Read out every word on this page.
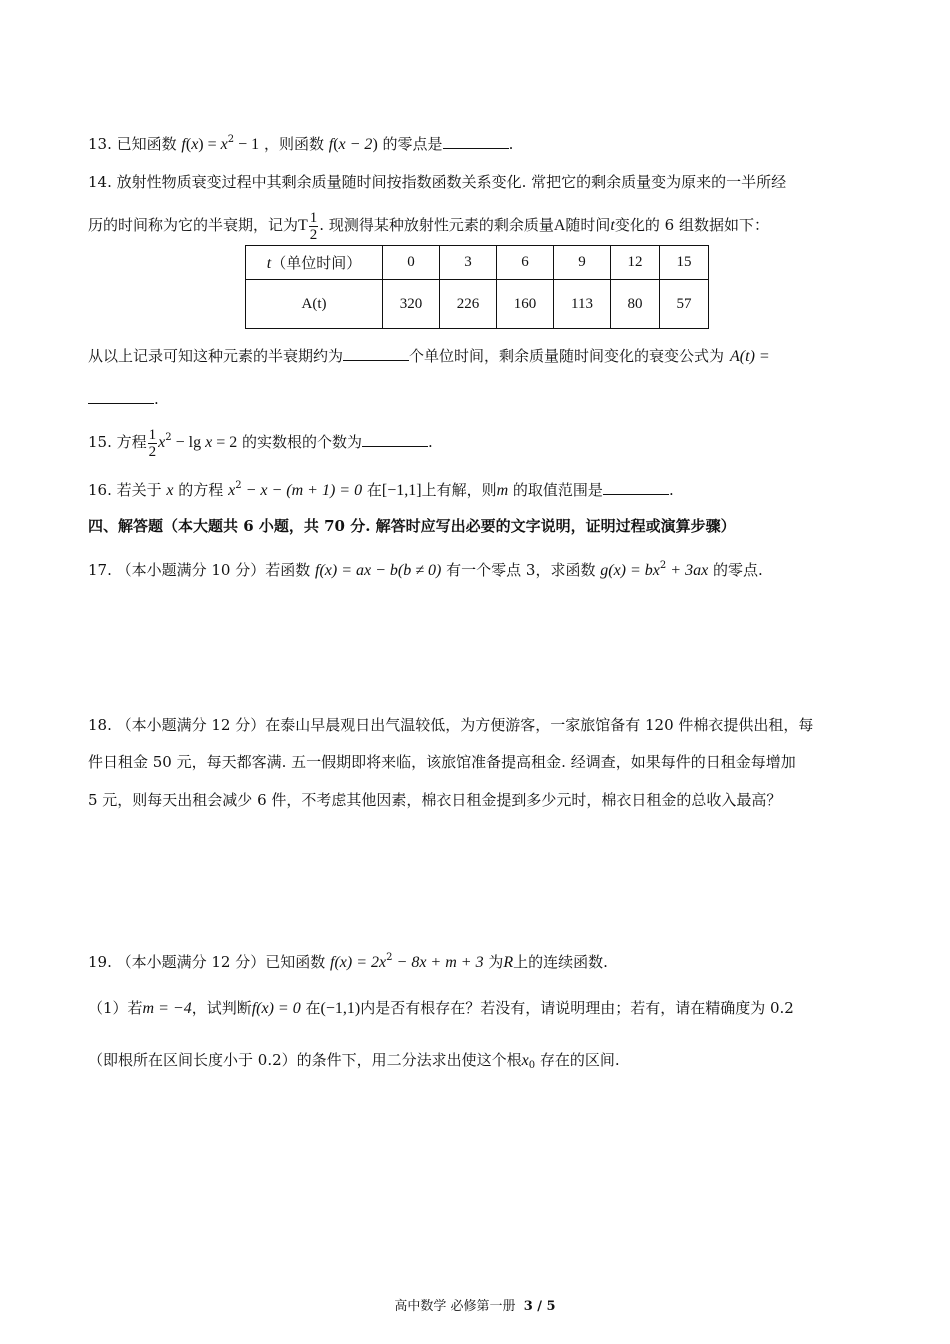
13. 已知函数 $f(x) = x^2 - 1$ ，则函数 f(x − 2) 的零点是	.
14. 放射性物质衰变过程中其剩余质量随时间按指数函数关系变化. 常把它的剩余质量变为原来的一半所经
历的时间称为它的半衰期，记为T $\frac{1}{2}$ . 现测得某种放射性元素的剩余质量A随时间t变化的 6 组数据如下：
t（单位时间）	0	3	6	9	12	15
A(t)	320	226	160	113	80	57
从以上记录可知这种元素的半衰期约为	个单位时间，剩余质量随时间变化的衰变公式为 A(t) =
.
15. 方程 $\frac{1}{2} x^2 - \lg x = 2$ 的实数根的个数为	.
16. 若关于 x 的方程 $x^2 - x - (m + 1) = 0$ 在[−1,1]上有解，则m 的取值范围是	.
四、解答题（本大题共 6 小题，共 70 分. 解答时应写出必要的文字说明，证明过程或演算步骤）
17. （本小题满分 10 分）若函数 f(x) = ax − b(b ≠ 0) 有一个零点 3，求函数 $g(x) = bx^2 + 3ax$ 的零点.
18. （本小题满分 12 分）在泰山早晨观日出气温较低，为方便游客，一家旅馆备有 120 件棉衣提供出租，每
件日租金 50 元，每天都客满. 五一假期即将来临，该旅馆准备提高租金. 经调查，如果每件的日租金每增加
5 元，则每天出租会减少 6 件，不考虑其他因素，棉衣日租金提到多少元时，棉衣日租金的总收入最高？
19. （本小题满分 12 分）已知函数 $f(x) = 2x^2 - 8x + m + 3$ 为R上的连续函数.
（1）若m = −4，试判断f(x) = 0 在(−1,1)内是否有根存在？若没有，请说明理由；若有，请在精确度为 0.2
（即根所在区间长度小于 0.2）的条件下，用二分法求出使这个根$x_0$ 存在的区间.
高中数学 必修第一册 3 / 5
